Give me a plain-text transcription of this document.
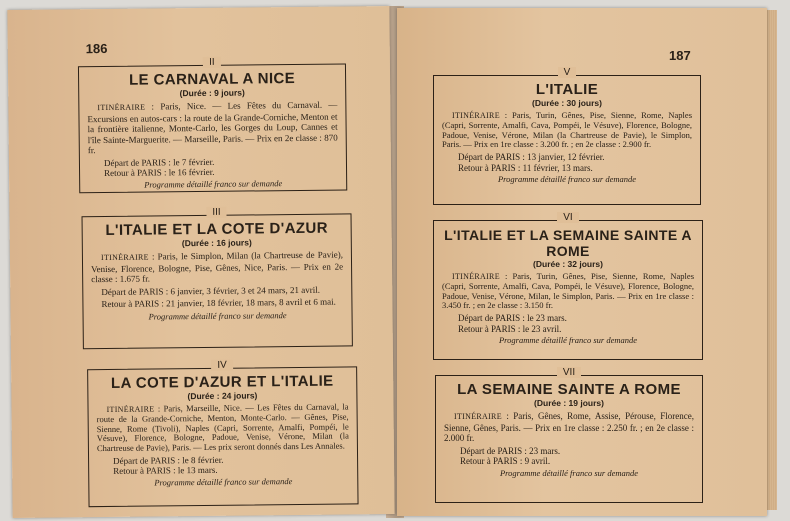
186
II
LE CARNAVAL A NICE
(Durée : 9 jours)

ITINÉRAIRE : Paris, Nice. — Les Fêtes du Carnaval. — Excursions en autos-cars : la route de la Grande-Corniche, Menton et la frontière italienne, Monte-Carlo, les Gorges du Loup, Cannes et l'île Sainte-Marguerite. — Marseille, Paris. — Prix en 2e classe : 870 fr.

Départ de PARIS : le 7 février.
Retour à PARIS : le 16 février.
Programme détaillé franco sur demande
III
L'ITALIE ET LA COTE D'AZUR
(Durée : 16 jours)

ITINÉRAIRE : Paris, le Simplon, Milan (la Chartreuse de Pavie), Venise, Florence, Bologne, Pise, Gênes, Nice, Paris. — Prix en 2e classe : 1.675 fr.

Départ de PARIS : 6 janvier, 3 février, 3 et 24 mars, 21 avril.

Retour à PARIS : 21 janvier, 18 février, 18 mars, 8 avril et 6 mai.

Programme détaillé franco sur demande
IV
LA COTE D'AZUR ET L'ITALIE
(Durée : 24 jours)

ITINÉRAIRE : Paris, Marseille, Nice. — Les Fêtes du Carnaval, la route de la Grande-Corniche, Menton, Monte-Carlo. — Gênes, Pise, Sienne, Rome (Tivoli), Naples (Capri, Sorrente, Amalfi, Pompéi, le Vésuve), Florence, Bologne, Padoue, Venise, Vérone, Milan (la Chartreuse de Pavie), Paris. — Les prix seront donnés dans Les Annales.

Départ de PARIS : le 8 février.
Retour à PARIS : le 13 mars.
Programme détaillé franco sur demande
187
V
L'ITALIE
(Durée : 30 jours)

ITINÉRAIRE : Paris, Turin, Gênes, Pise, Sienne, Rome, Naples (Capri, Sorrente, Amalfi, Cava, Pompéi, le Vésuve), Florence, Bologne, Padoue, Venise, Vérone, Milan (la Chartreuse de Pavie), le Simplon, Paris. — Prix en 1re classe : 3.200 fr. ; en 2e classe : 2.900 fr.

Départ de PARIS : 13 janvier, 12 février.
Retour à PARIS : 11 février, 13 mars.
Programme détaillé franco sur demande
VI
L'ITALIE ET LA SEMAINE SAINTE A ROME
(Durée : 32 jours)

ITINÉRAIRE : Paris, Turin, Gênes, Pise, Sienne, Rome, Naples (Capri, Sorrente, Amalfi, Cava, Pompéi, le Vésuve), Florence, Bologne, Padoue, Venise, Vérone, Milan, le Simplon, Paris. — Prix en 1re classe : 3.450 fr. ; en 2e classe : 3.150 fr.

Départ de PARIS : le 23 mars.
Retour à PARIS : le 23 avril.
Programme détaillé franco sur demande
VII
LA SEMAINE SAINTE A ROME
(Durée : 19 jours)

ITINÉRAIRE : Paris, Gênes, Rome, Assise, Pérouse, Florence, Sienne, Gênes, Paris. — Prix en 1re classe : 2.250 fr. ; en 2e classe : 2.000 fr.

Départ de PARIS : 23 mars.
Retour à PARIS : 9 avril.
Programme détaillé franco sur demande
